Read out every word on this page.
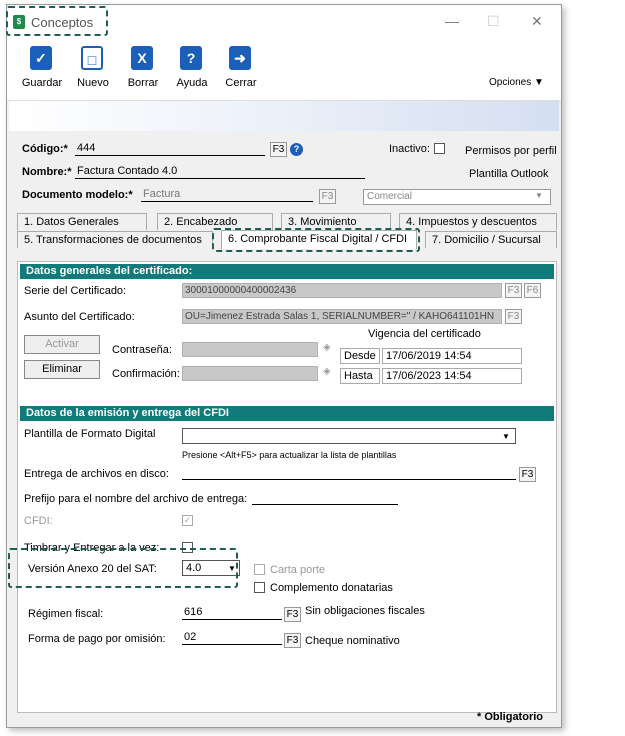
$ Conceptos	— ☐ ✕
✓
Guardar
□
Nuevo
X
Borrar
?
Ayuda
➜
Cerrar	Opciones ▼
Código:* 444	F3	?	Inactivo:	Permisos por perfil
Nombre:* Factura Contado 4.0	Plantilla Outlook
Documento modelo:* Factura	F3	Comercial	▼
1. Datos Generales	2. Encabezado	3. Movimiento	4. Impuestos y descuentos
5. Transformaciones de documentos	6. Comprobante Fiscal Digital / CFDI	7. Domicilio / Sucursal
Datos generales del certificado:
Serie del Certificado:	30001000000400002436	F3 F6
Asunto del Certificado:	OU=Jimenez Estrada Salas 1, SERIALNUMBER=" / KAHO641101HN	F3
Activar
Eliminar
Contraseña:	◈
Confirmación:	◈
Vigencia del certificado
Desde 17/06/2019 14:54
Hasta	17/06/2023 14:54
Datos de la emisión y entrega del CFDI
Plantilla de Formato Digital	▼
Presione <Alt+F5> para actualizar la lista de plantillas
Entrega de archivos en disco:	F3
Prefijo para el nombre del archivo de entrega:
CFDI:	✓
Timbrar y Entregar a la vez:
Versión Anexo 20 del SAT:	4.0	▼	Carta porte
Complemento donatarias
Régimen fiscal:	616	F3 Sin obligaciones fiscales
Forma de pago por omisión: 02	F3 Cheque nominativo
* Obligatorio
